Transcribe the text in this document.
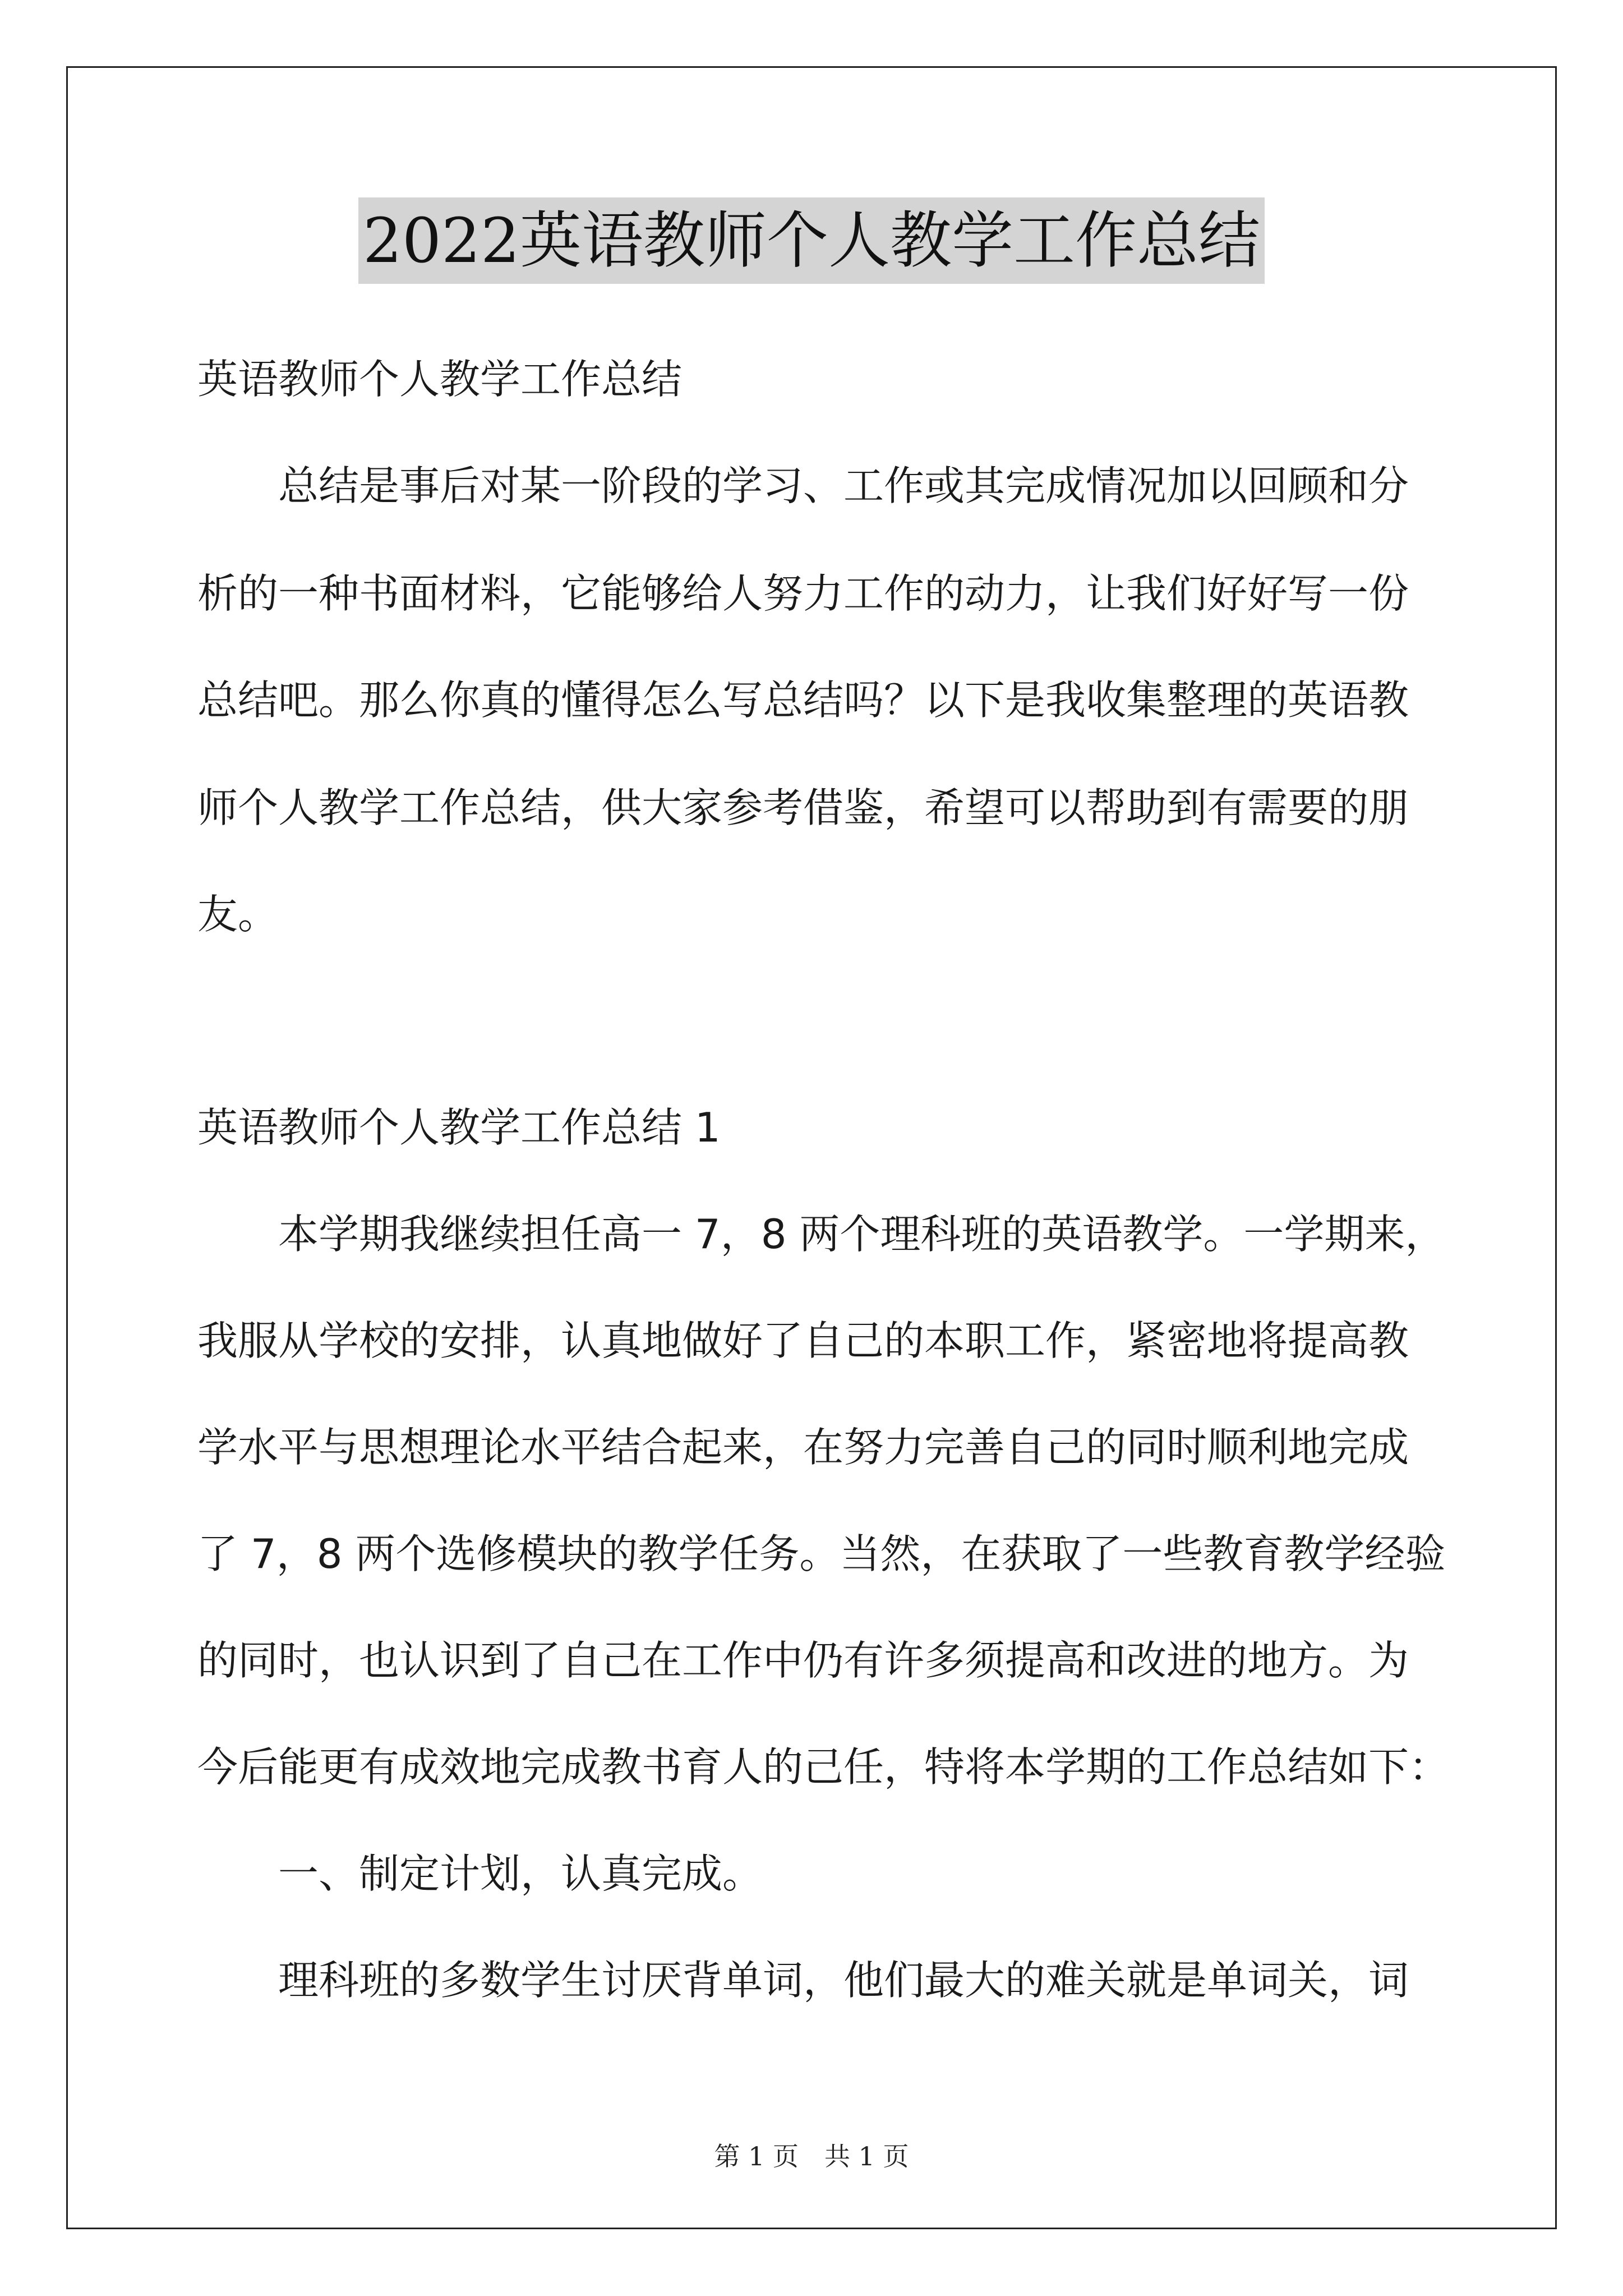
2022英语教师个人教学工作总结
英语教师个人教学工作总结
总结是事后对某一阶段的学习、工作或其完成情况加以回顾和分
析的一种书面材料，它能够给人努力工作的动力，让我们好好写一份
总结吧。那么你真的懂得怎么写总结吗？以下是我收集整理的英语教
师个人教学工作总结，供大家参考借鉴，希望可以帮助到有需要的朋
友。
英语教师个人教学工作总结 1
本学期我继续担任高一 7，8 两个理科班的英语教学。一学期来，
我服从学校的安排，认真地做好了自己的本职工作，紧密地将提高教
学水平与思想理论水平结合起来，在努力完善自己的同时顺利地完成
了 7，8 两个选修模块的教学任务。当然，在获取了一些教育教学经验
的同时，也认识到了自己在工作中仍有许多须提高和改进的地方。为
今后能更有成效地完成教书育人的己任，特将本学期的工作总结如下：
一、制定计划，认真完成。
理科班的多数学生讨厌背单词，他们最大的难关就是单词关，词
第 1 页　共 1 页
